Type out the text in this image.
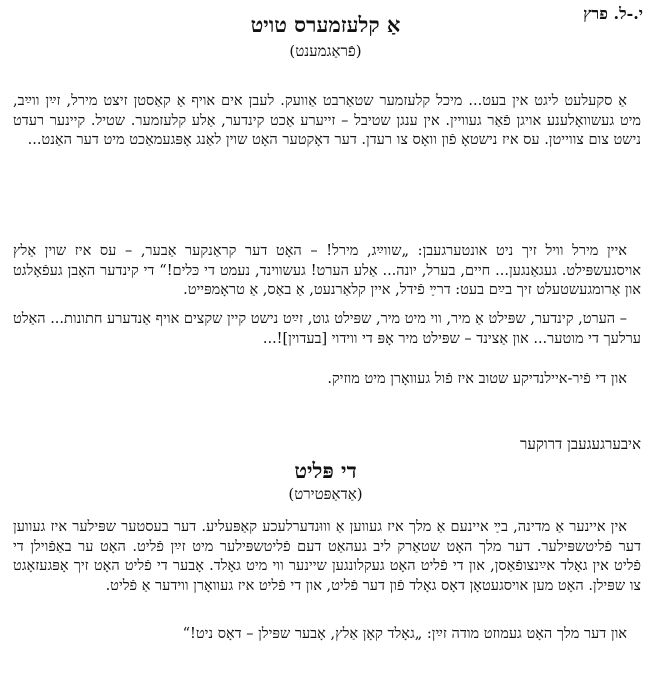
י.-ל. פרץ
אַ קלעזמערס טויט
(פֿראַגמענט)

אַ סקעלעט ליגט אין בעט... מיכל קלעזמער שטאַרבט אַוועק. לעבן אים אויף אַ קאַסטן זיצט מירל, זײַן ווײַב, מיט געשוואָלענע אויגן פֿאַר געוויין. אין ענגן שטיבל – זייערע אַכט קינדער, אַלע קלעזמער. שטיל. קיינער רעדט נישט צום צווייטן. עס איז נישטאָ פֿון וואָס צו רעדן. דער דאָקטער האָט שוין לאַנג אָפּגעמאַכט מיט דער האַנט...

איין מירל וויל זיך ניט אונטערגעבן: „שווײַג, מירל! – האָט דער קראַנקער אַבער, – עס איז שוין אַלץ אויסגעשפּילט. געגאַנגען... חיים, בערל, יונה... אַלע הערט! געשווינד, נעמט די כּלים!“ די קינדער האָבן געפֿאָלגט און אַרומגעשטעלט זיך בײַם בעט: דרײַ פֿידל, איין קלאַרנעט, אַ באַס, אַ טראָמפּייט.

– הערט, קינדער, שפּילט אַ מיר, ווי מיט מיר, שפּילט גוט, זײַט נישט קיין שקצים אויף אַנדערע חתונות... האַלט ערלעך די מוטער... און אַצינד – שפּילט מיר אָפּ די ווידוי [בעדוין]!...

און די פֿיר-איילנדיקע שטוב איז פֿול געוואָרן מיט מוזיק.

איבערגעגעבן דרוקער
די פּליט
(אַדאַפּטירט)

אין איינער אַ מדינה, בײַ איינעם אַ מלך איז געווען אַ וווּנדערלעכע קאַפּעליע. דער בעסטער שפּילער איז געווען דער פֿליטשפּילער. דער מלך האָט שטאַרק ליב געהאַט דעם פֿליטשפּילער מיט זײַן פֿליט. האָט ער באַפֿוילן די פֿליט אין גאָלד אײַנצופֿאַסן, און די פֿליט האָט געקלונגען שיינער ווי מיט גאָלד. אָבער די פֿליט האָט זיך אָפּגעזאָגט צו שפּילן. האָט מען אויסגעטאָן דאָס גאָלד פֿון דער פֿליט, און די פֿליט איז געוואָרן ווידער אַ פֿליט.

און דער מלך האָט געמוזט מודה זײַן: „גאָלד קאָן אַלץ, אָבער שפּילן – דאָס ניט!“
